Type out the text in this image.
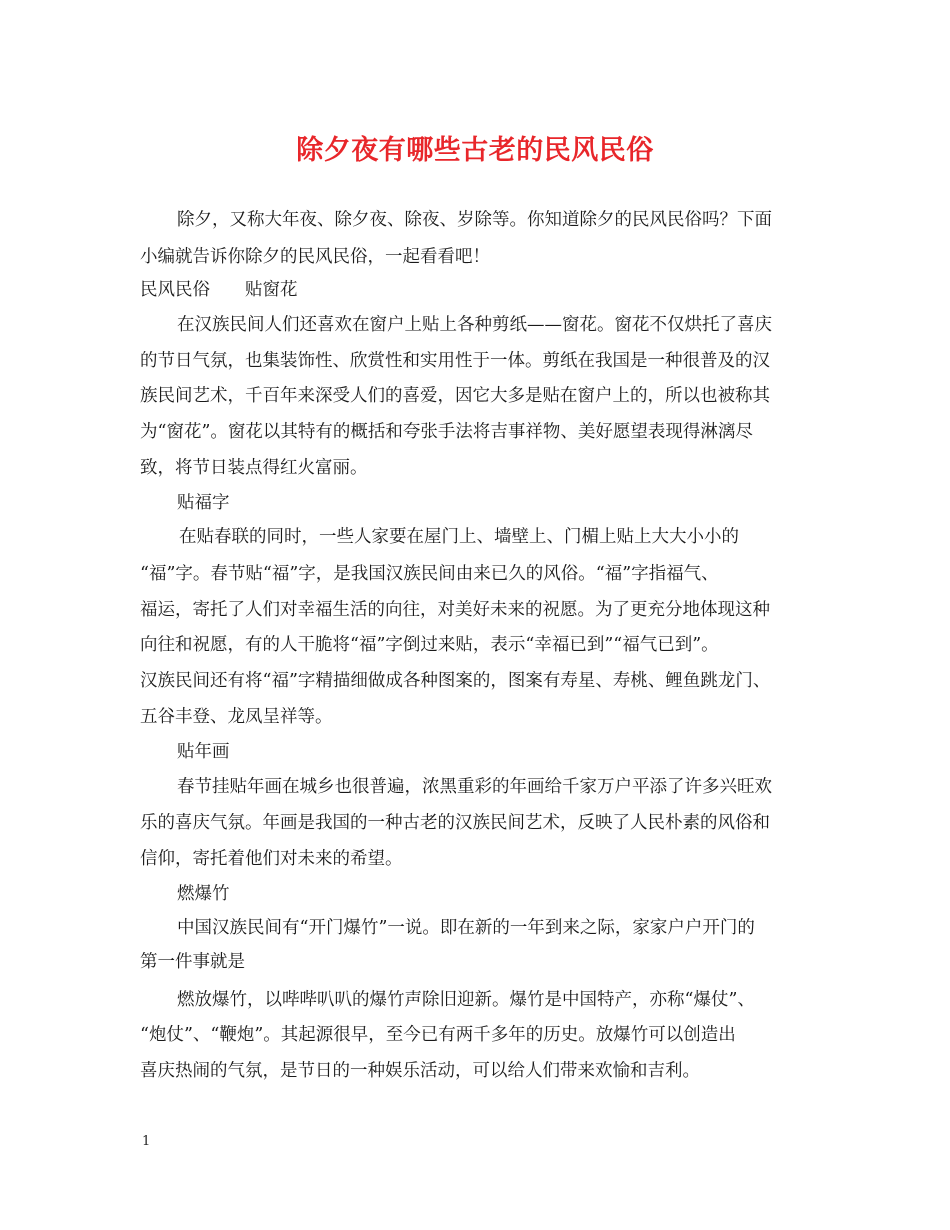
除夕夜有哪些古老的民风民俗
除夕，又称大年夜、除夕夜、除夜、岁除等。你知道除夕的民风民俗吗？下面
小编就告诉你除夕的民风民俗，一起看看吧！
民风民俗　　贴窗花
在汉族民间人们还喜欢在窗户上贴上各种剪纸——窗花。窗花不仅烘托了喜庆
的节日气氛，也集装饰性、欣赏性和实用性于一体。剪纸在我国是一种很普及的汉
族民间艺术，千百年来深受人们的喜爱，因它大多是贴在窗户上的，所以也被称其
为“窗花”。窗花以其特有的概括和夸张手法将吉事祥物、美好愿望表现得淋漓尽
致，将节日装点得红火富丽。
贴福字
在贴春联的同时，一些人家要在屋门上、墙壁上、门楣上贴上大大小小的
“福”字。春节贴“福”字，是我国汉族民间由来已久的风俗。“福”字指福气、
福运，寄托了人们对幸福生活的向往，对美好未来的祝愿。为了更充分地体现这种
向往和祝愿，有的人干脆将“福”字倒过来贴，表示“幸福已到”“福气已到”。
汉族民间还有将“福”字精描细做成各种图案的，图案有寿星、寿桃、鲤鱼跳龙门、
五谷丰登、龙凤呈祥等。
贴年画
春节挂贴年画在城乡也很普遍，浓黑重彩的年画给千家万户平添了许多兴旺欢
乐的喜庆气氛。年画是我国的一种古老的汉族民间艺术，反映了人民朴素的风俗和
信仰，寄托着他们对未来的希望。
燃爆竹
中国汉族民间有“开门爆竹”一说。即在新的一年到来之际，家家户户开门的
第一件事就是
燃放爆竹，以哔哔叭叭的爆竹声除旧迎新。爆竹是中国特产，亦称“爆仗”、
“炮仗”、“鞭炮”。其起源很早，至今已有两千多年的历史。放爆竹可以创造出
喜庆热闹的气氛，是节日的一种娱乐活动，可以给人们带来欢愉和吉利。
1
